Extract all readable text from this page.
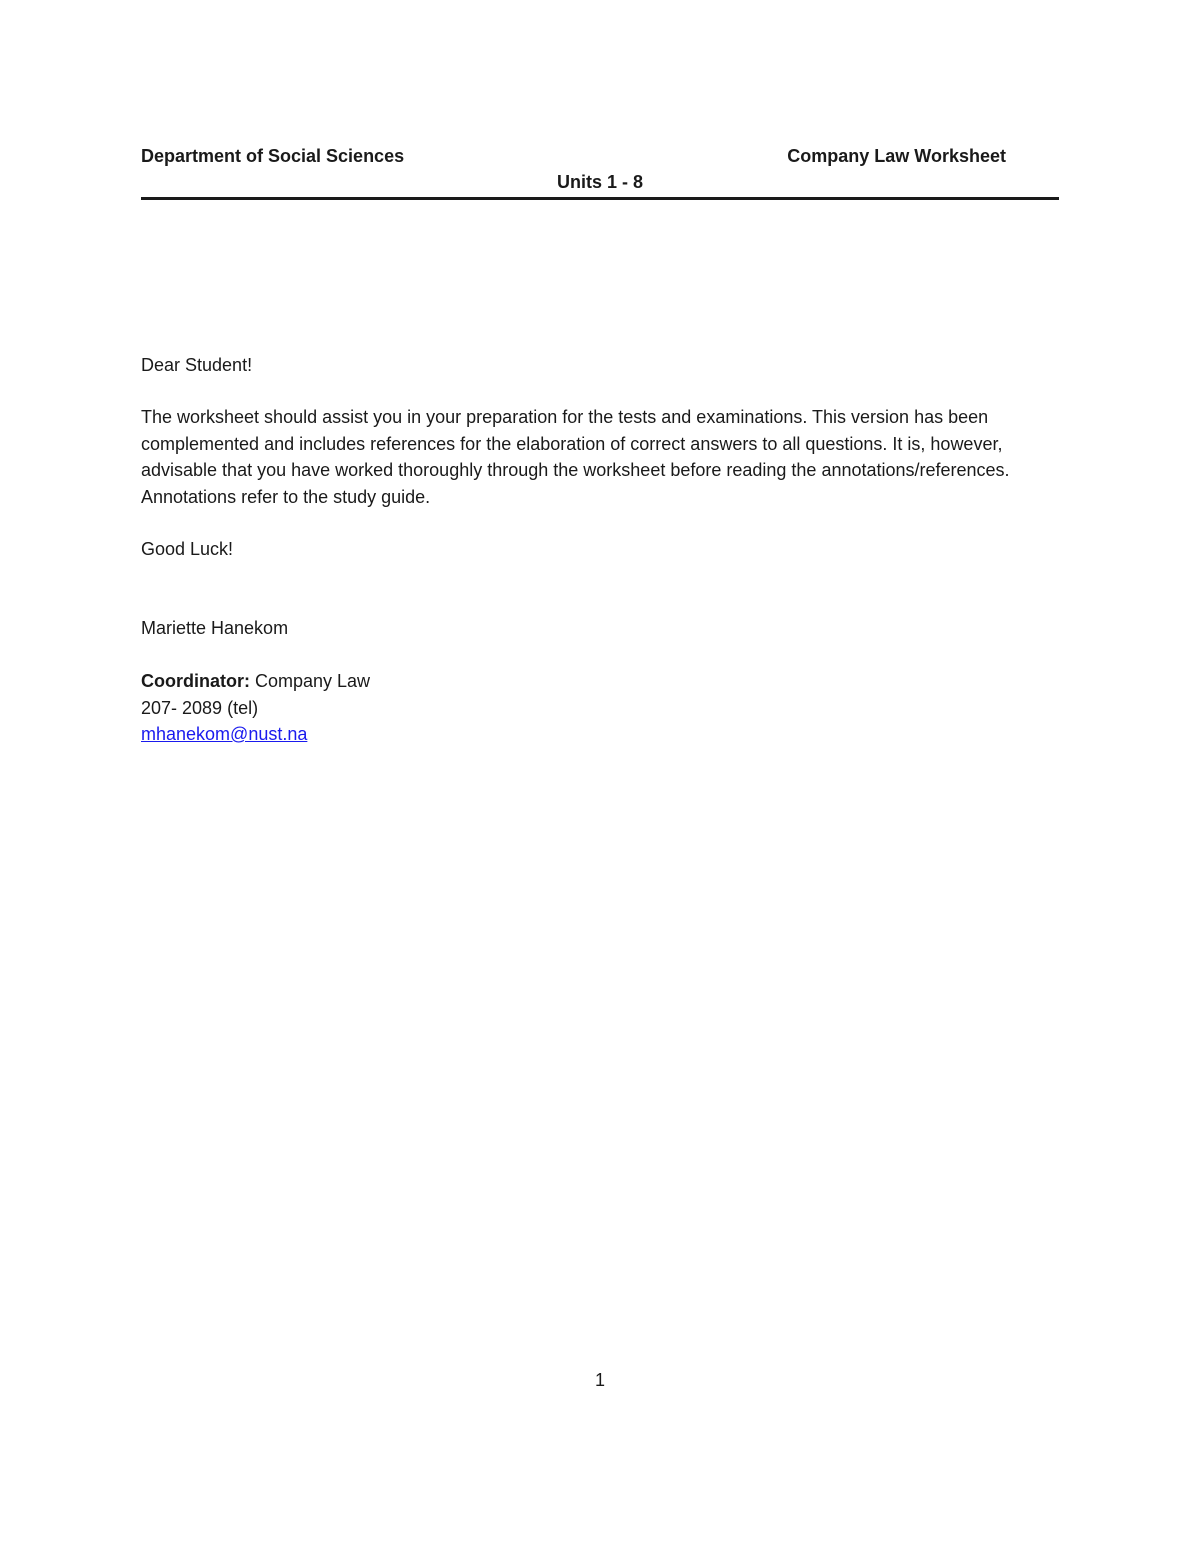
Department of Social Sciences	Company Law Worksheet
Units 1 - 8
Dear Student!
The worksheet should assist you in your preparation for the tests and examinations. This version has been complemented and includes references for the elaboration of correct answers to all questions. It is, however, advisable that you have worked thoroughly through the worksheet before reading the annotations/references. Annotations refer to the study guide.
Good Luck!
Mariette Hanekom
Coordinator: Company Law
207- 2089 (tel)
mhanekom@nust.na
1
